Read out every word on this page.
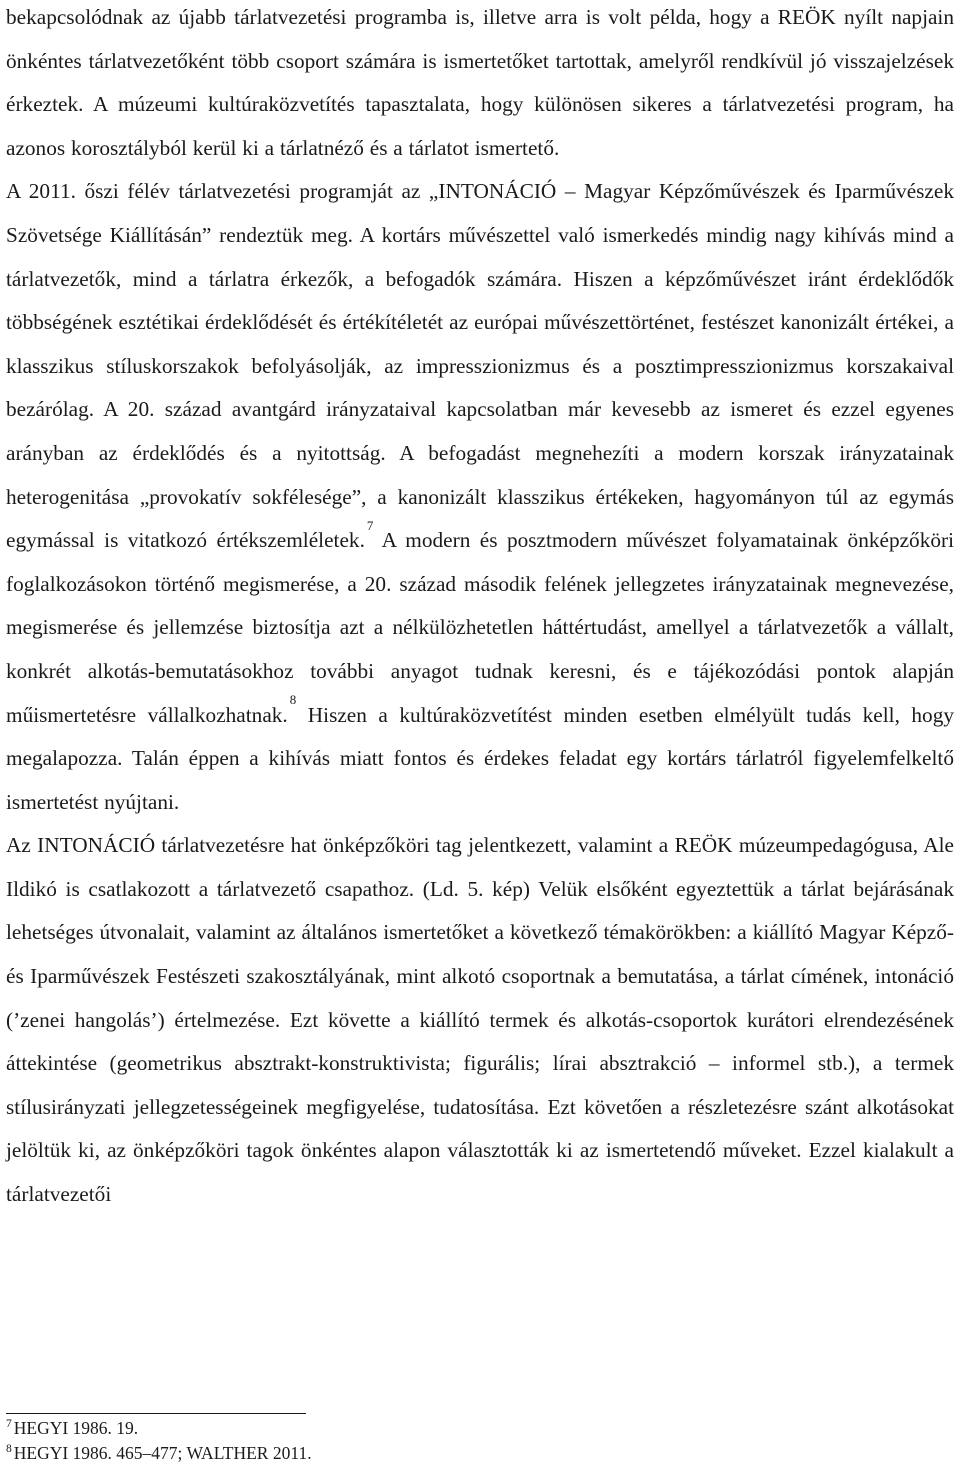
bekapcsolódnak az újabb tárlatvezetési programba is, illetve arra is volt példa, hogy a REÖK nyílt napjain önkéntes tárlatvezetőként több csoport számára is ismertetőket tartottak, amelyről rendkívül jó visszajelzések érkeztek. A múzeumi kultúraközvetítés tapasztalata, hogy különösen sikeres a tárlatvezetési program, ha azonos korosztályból kerül ki a tárlatnéző és a tárlatot ismertető.

A 2011. őszi félév tárlatvezetési programját az „INTONÁCIÓ – Magyar Képzőművészek és Iparművészek Szövetsége Kiállításán” rendeztük meg. A kortárs művészettel való ismerkedés mindig nagy kihívás mind a tárlatvezetők, mind a tárlatra érkezők, a befogadók számára. Hiszen a képzőművészet iránt érdeklődők többségének esztétikai érdeklődését és értékítéletét az európai művészettörténet, festészet kanonizált értékei, a klasszikus stíluskorszakok befolyásolják, az impresszionizmus és a posztimpresszionizmus korszakaival bezárólag. A 20. század avantgárd irányzataival kapcsolatban már kevesebb az ismeret és ezzel egyenes arányban az érdeklődés és a nyitottság. A befogadást megnehezíti a modern korszak irányzatainak heterogenitása „provokatív sokfélesége”, a kanonizált klasszikus értékeken, hagyományon túl az egymás egymással is vitatkozó értékszemléletek.$^7$ A modern és posztmodern művészet folyamatainak önképzőköri foglalkozásokon történő megismerése, a 20. század második felének jellegzetes irányzatainak megnevezése, megismerése és jellemzése biztosítja azt a nélkülözhetetlen háttértudást, amellyel a tárlatvezetők a vállalt, konkrét alkotás-bemutatásokhoz további anyagot tudnak keresni, és e tájékozódási pontok alapján műismertetésre vállalkozhatnak.$^8$ Hiszen a kultúraközvetítést minden esetben elmélyült tudás kell, hogy megalapozza. Talán éppen a kihívás miatt fontos és érdekes feladat egy kortárs tárlatról figyelemfelkeltő ismertetést nyújtani.

Az INTONÁCIÓ tárlatvezetésre hat önképzőköri tag jelentkezett, valamint a REÖK múzeumpedagógusa, Ale Ildikó is csatlakozott a tárlatvezető csapathoz. (Ld. 5. kép) Velük elsőként egyeztettük a tárlat bejárásának lehetséges útvonalait, valamint az általános ismertetőket a következő témakörökben: a kiállító Magyar Képző- és Iparművészek Festészeti szakosztályának, mint alkotó csoportnak a bemutatása, a tárlat címének, intonáció (’zenei hangolás’) értelmezése. Ezt követte a kiállító termek és alkotás-csoportok kurátori elrendezésének áttekintése (geometrikus absztrakt-konstruktivista; figurális; lírai absztrakció – informel stb.), a termek stílusirányzati jellegzetességeinek megfigyelése, tudatosítása. Ezt követően a részletezésre szánt alkotásokat jelöltük ki, az önképzőköri tagok önkéntes alapon választották ki az ismertetendő műveket. Ezzel kialakult a tárlatvezetői

$^7$ HEGYI 1986. 19.

$^8$ HEGYI 1986. 465–477; WALTHER 2011.
